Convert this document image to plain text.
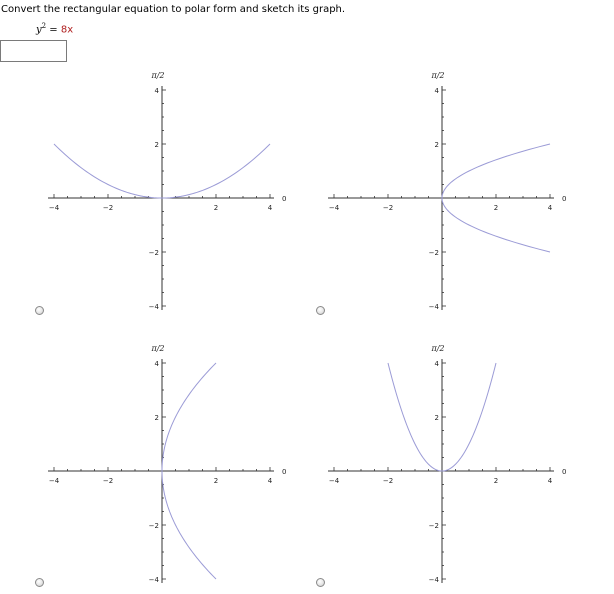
Convert the rectangular equation to polar form and sketch its graph.
$y^2 = 8x$
−4	−2	2	4
4
2
−2
−4
π/2
0
−4	−2	2	4
4
2
−2
−4
π/2
0
−4	−2	2	4
4
2
−2
−4
π/2
0
−4	−2	2	4
4
2
−2
−4
π/2
0
